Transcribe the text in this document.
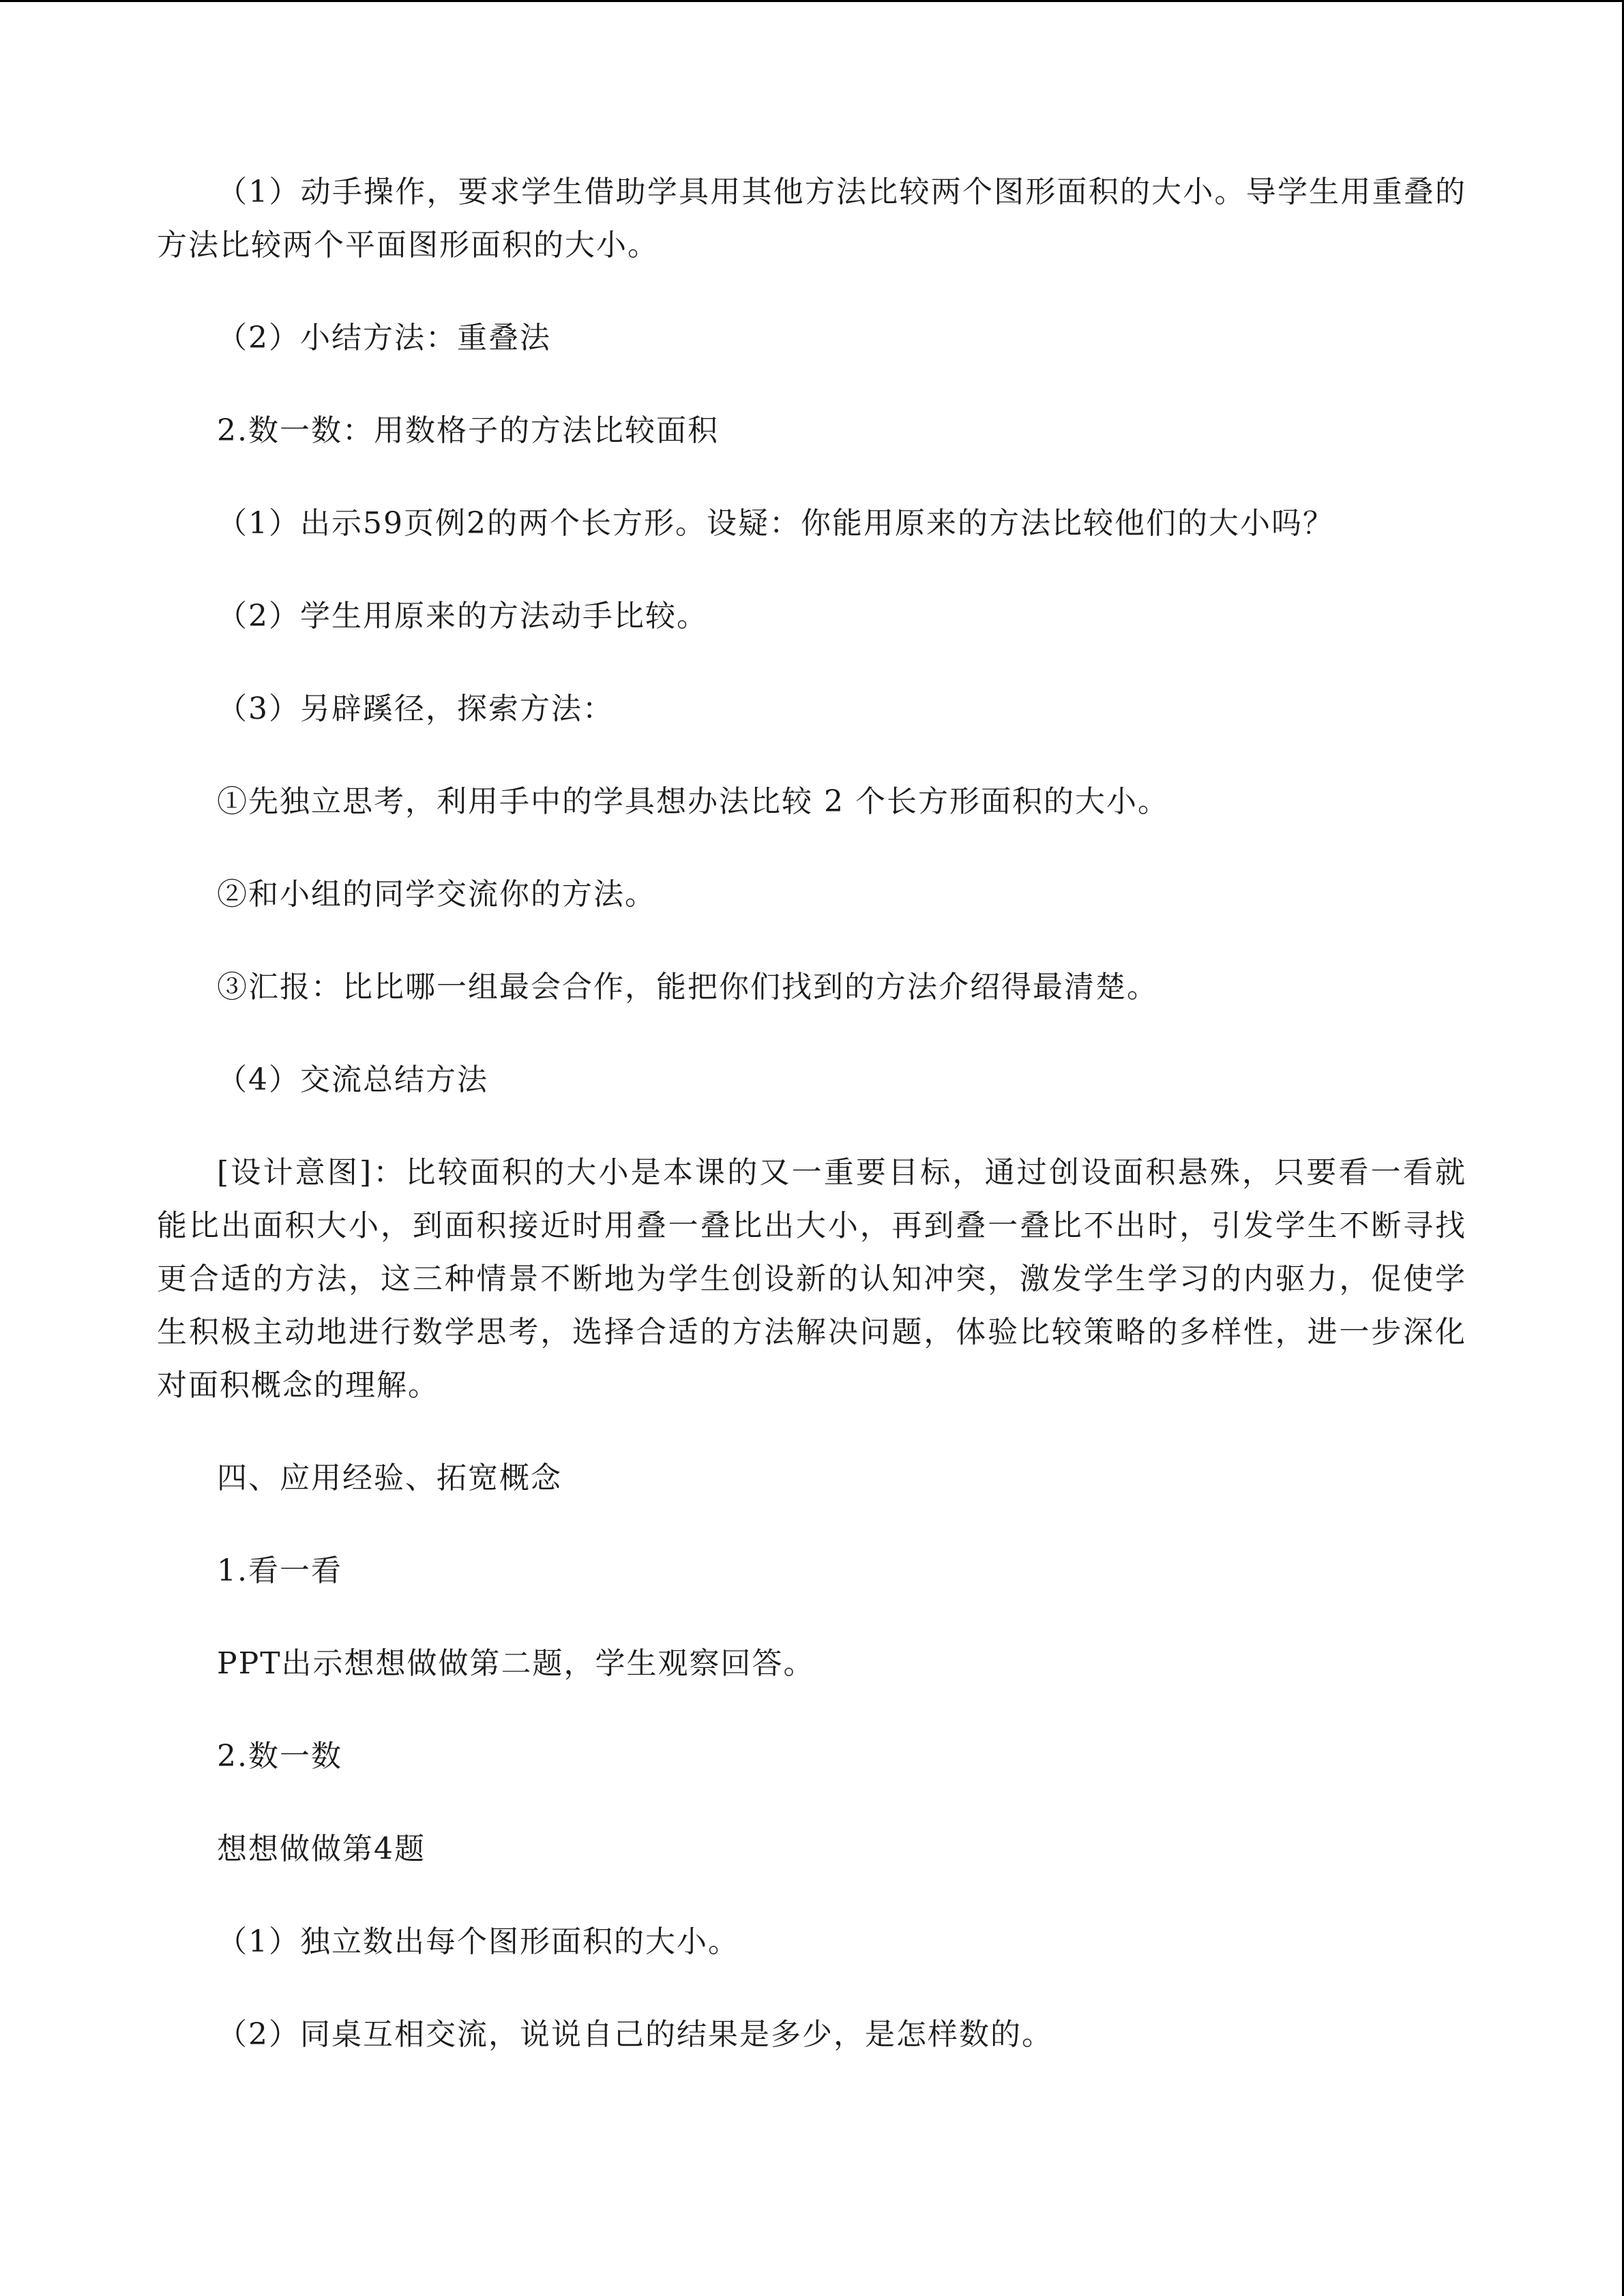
（1）动手操作，要求学生借助学具用其他方法比较两个图形面积的大小。导学生用重叠的方法比较两个平面图形面积的大小。

（2）小结方法：重叠法

2.数一数：用数格子的方法比较面积

（1）出示59页例2的两个长方形。设疑：你能用原来的方法比较他们的大小吗？

（2）学生用原来的方法动手比较。

（3）另辟蹊径，探索方法：

①先独立思考，利用手中的学具想办法比较 2 个长方形面积的大小。

②和小组的同学交流你的方法。

③汇报：比比哪一组最会合作，能把你们找到的方法介绍得最清楚。

（4）交流总结方法

[设计意图]：比较面积的大小是本课的又一重要目标，通过创设面积悬殊，只要看一看就能比出面积大小，到面积接近时用叠一叠比出大小，再到叠一叠比不出时，引发学生不断寻找更合适的方法，这三种情景不断地为学生创设新的认知冲突，激发学生学习的内驱力，促使学生积极主动地进行数学思考，选择合适的方法解决问题，体验比较策略的多样性，进一步深化对面积概念的理解。

四、应用经验、拓宽概念

1.看一看

PPT出示想想做做第二题，学生观察回答。

2.数一数

想想做做第4题

（1）独立数出每个图形面积的大小。

（2）同桌互相交流，说说自己的结果是多少，是怎样数的。
